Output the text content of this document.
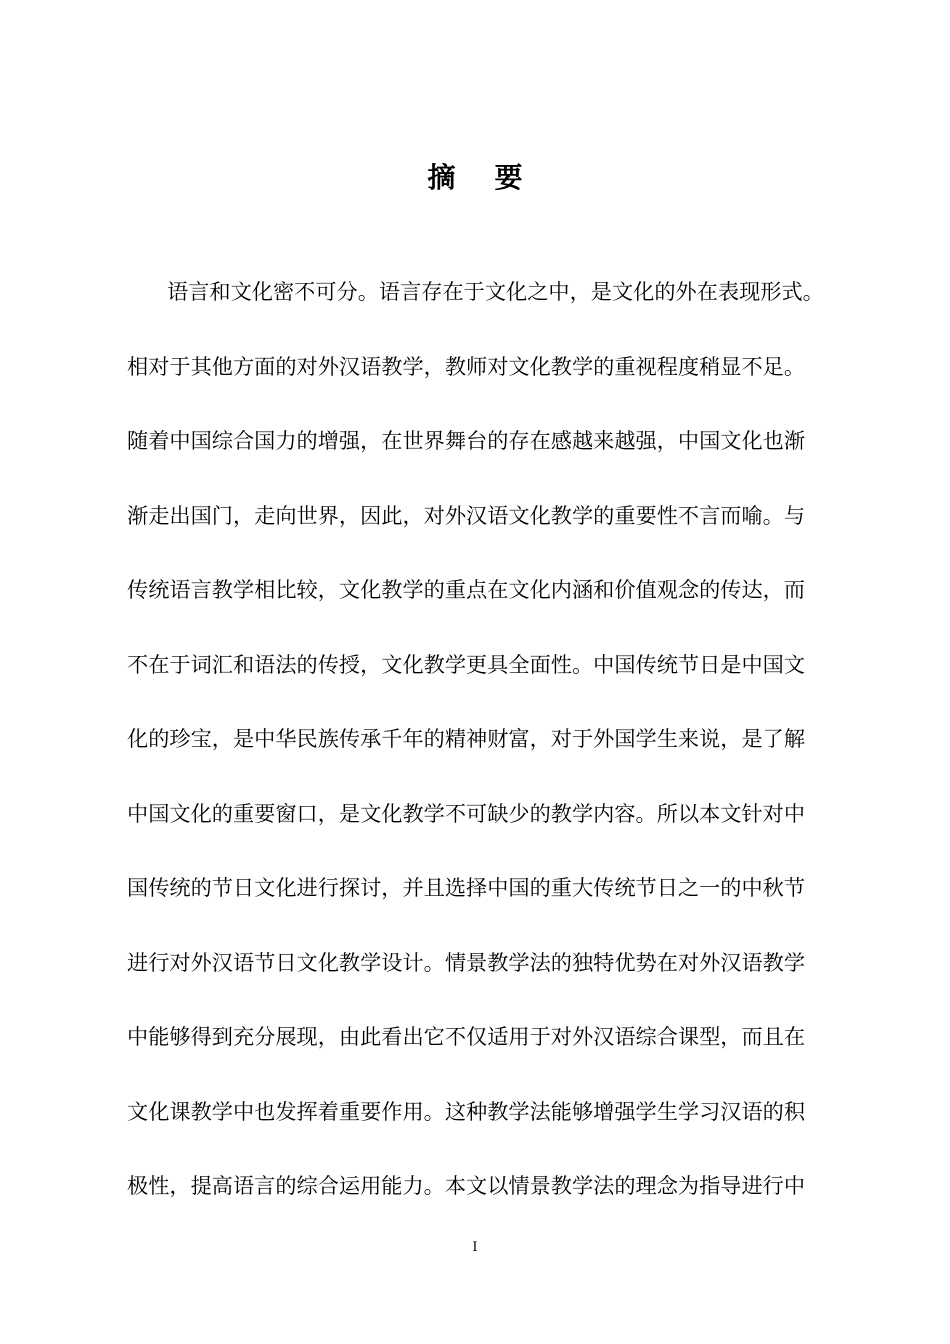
摘    要
语言和文化密不可分。语言存在于文化之中，是文化的外在表现形式。
相对于其他方面的对外汉语教学，教师对文化教学的重视程度稍显不足。
随着中国综合国力的增强，在世界舞台的存在感越来越强，中国文化也渐
渐走出国门，走向世界，因此，对外汉语文化教学的重要性不言而喻。与
传统语言教学相比较，文化教学的重点在文化内涵和价值观念的传达，而
不在于词汇和语法的传授，文化教学更具全面性。中国传统节日是中国文
化的珍宝，是中华民族传承千年的精神财富，对于外国学生来说，是了解
中国文化的重要窗口，是文化教学不可缺少的教学内容。所以本文针对中
国传统的节日文化进行探讨，并且选择中国的重大传统节日之一的中秋节
进行对外汉语节日文化教学设计。情景教学法的独特优势在对外汉语教学
中能够得到充分展现，由此看出它不仅适用于对外汉语综合课型，而且在
文化课教学中也发挥着重要作用。这种教学法能够增强学生学习汉语的积
极性，提高语言的综合运用能力。本文以情景教学法的理念为指导进行中
I
